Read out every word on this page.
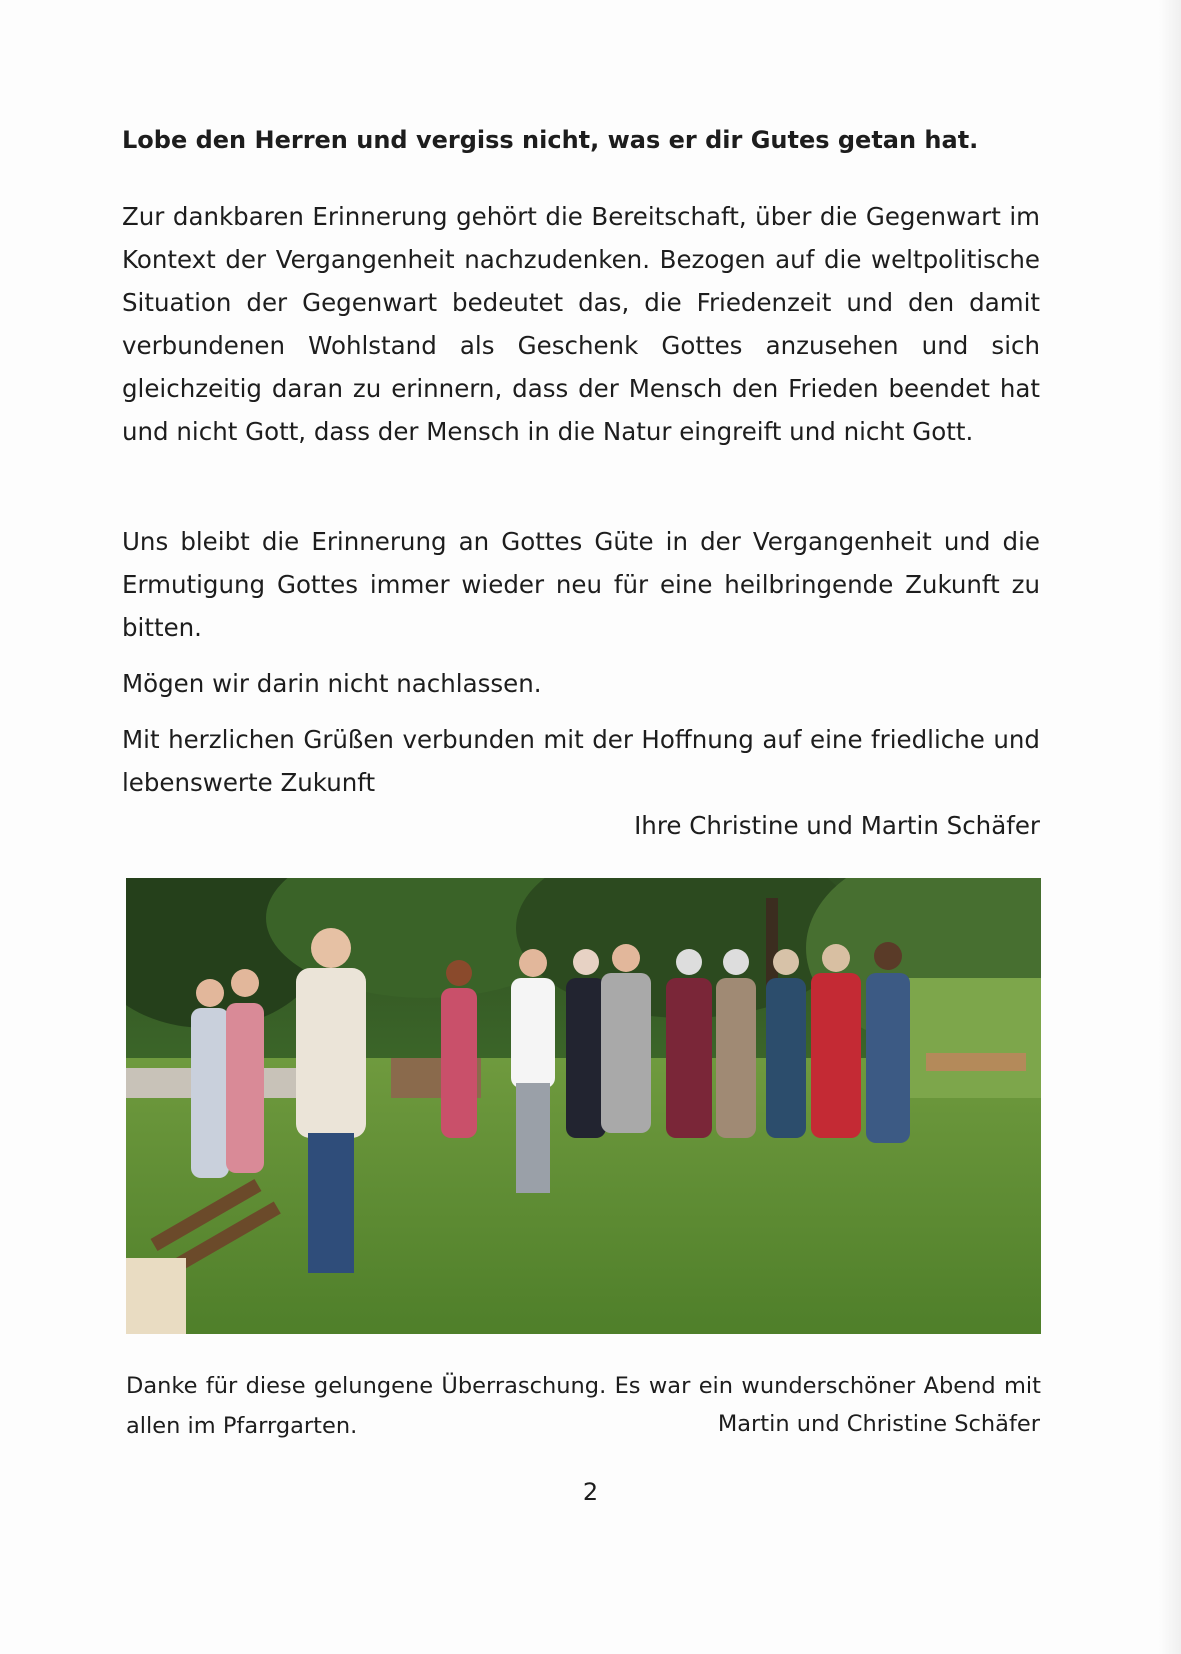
Lobe den Herren und vergiss nicht, was er dir Gutes getan hat.
Zur dankbaren Erinnerung gehört die Bereitschaft, über die Gegenwart im Kontext der Vergangenheit nachzudenken. Bezogen auf die weltpolitische Situation der Gegenwart bedeutet das, die Friedenzeit und den damit verbundenen Wohlstand als Geschenk Gottes anzusehen und sich gleichzeitig daran zu erinnern, dass der Mensch den Frieden beendet hat und nicht Gott, dass der Mensch in die Natur eingreift und nicht Gott.
Uns bleibt die Erinnerung an Gottes Güte in der Vergangenheit und die Ermutigung Gottes immer wieder neu für eine heilbringende Zukunft zu bitten.
Mögen wir darin nicht nachlassen.
Mit herzlichen Grüßen verbunden mit der Hoffnung auf eine friedliche und lebenswerte Zukunft
Ihre Christine und Martin Schäfer
Danke für diese gelungene Überraschung. Es war ein wunderschöner Abend mit allen im Pfarrgarten.	Martin und Christine Schäfer
2
